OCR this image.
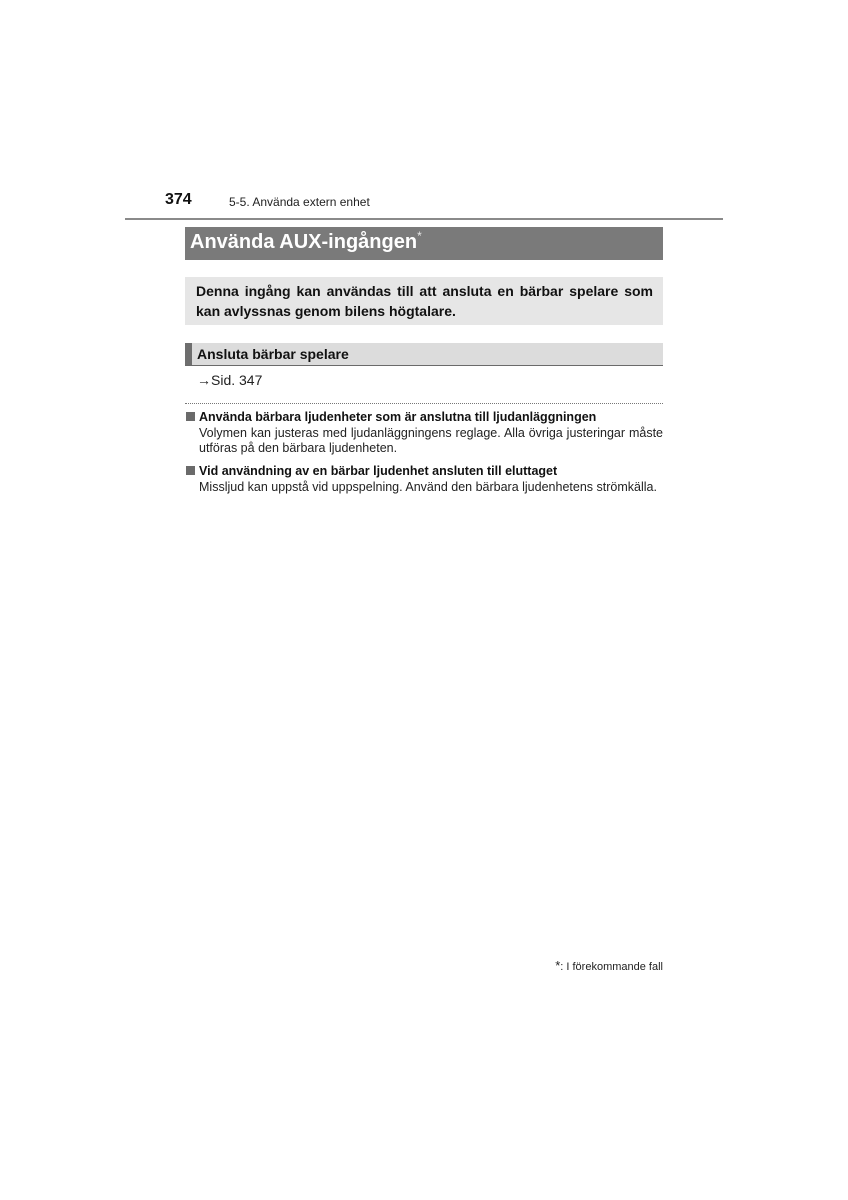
374	5-5. Använda extern enhet
Använda AUX-ingången*
Denna ingång kan användas till att ansluta en bärbar spelare som kan avlyssnas genom bilens högtalare.
Ansluta bärbar spelare
→Sid. 347
Använda bärbara ljudenheter som är anslutna till ljudanläggningen
Volymen kan justeras med ljudanläggningens reglage. Alla övriga justeringar måste utföras på den bärbara ljudenheten.
Vid användning av en bärbar ljudenhet ansluten till eluttaget
Missljud kan uppstå vid uppspelning. Använd den bärbara ljudenhetens strömkälla.
*: I förekommande fall
